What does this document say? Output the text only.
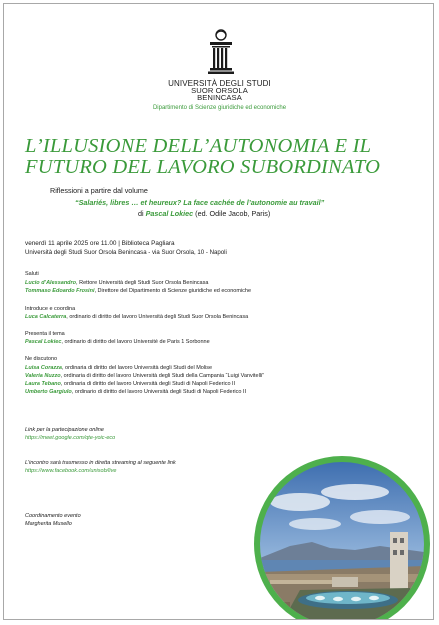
UNIVERSITÀ DEGLI STUDI
SUOR ORSOLA
BENINCASA
Dipartimento di Scienze giuridiche ed economiche
L’ILLUSIONE DELL’AUTONOMIA E IL
FUTURO DEL LAVORO SUBORDINATO
Riflessioni a partire dal volume
“Salariés, libres … et heureux? La face cachée de l’autonomie au travail”
di Pascal Lokiec (ed. Odile Jacob, Paris)
venerdì 11 aprile 2025 ore 11.00 | Biblioteca Pagliara
Università degli Studi Suor Orsola Benincasa - via Suor Orsola, 10 - Napoli
Saluti
Lucio d’Alessandro, Rettore Università degli Studi Suor Orsola Benincasa
Tommaso Edoardo Frosini, Direttore del Dipartimento di Scienze giuridiche ed economiche
Introduce e coordina
Luca Calcaterra, ordinario di diritto del lavoro Università degli Studi Suor Orsola Benincasa
Presenta il tema
Pascal Lokiec, ordinario di diritto del lavoro Université de Paris 1 Sorbonne
Ne discutono
Luisa Corazza, ordinaria di diritto del lavoro Università degli Studi del Molise
Valeria Nuzzo, ordinaria di diritto del lavoro Università degli Studi della Campania “Luigi Vanvitelli”
Laura Tebano, ordinaria di diritto del lavoro Università degli Studi di Napoli Federico II
Umberto Gargiulo, ordinario di diritto del lavoro Università degli Studi di Napoli Federico II
Link per la partecipazione online
https://meet.google.com/qte-yoic-eco
L’incontro sarà trasmesso in diretta streaming al seguente link
https://www.facebook.com/unisob/live
Coordinamento evento
Margherita Musello
